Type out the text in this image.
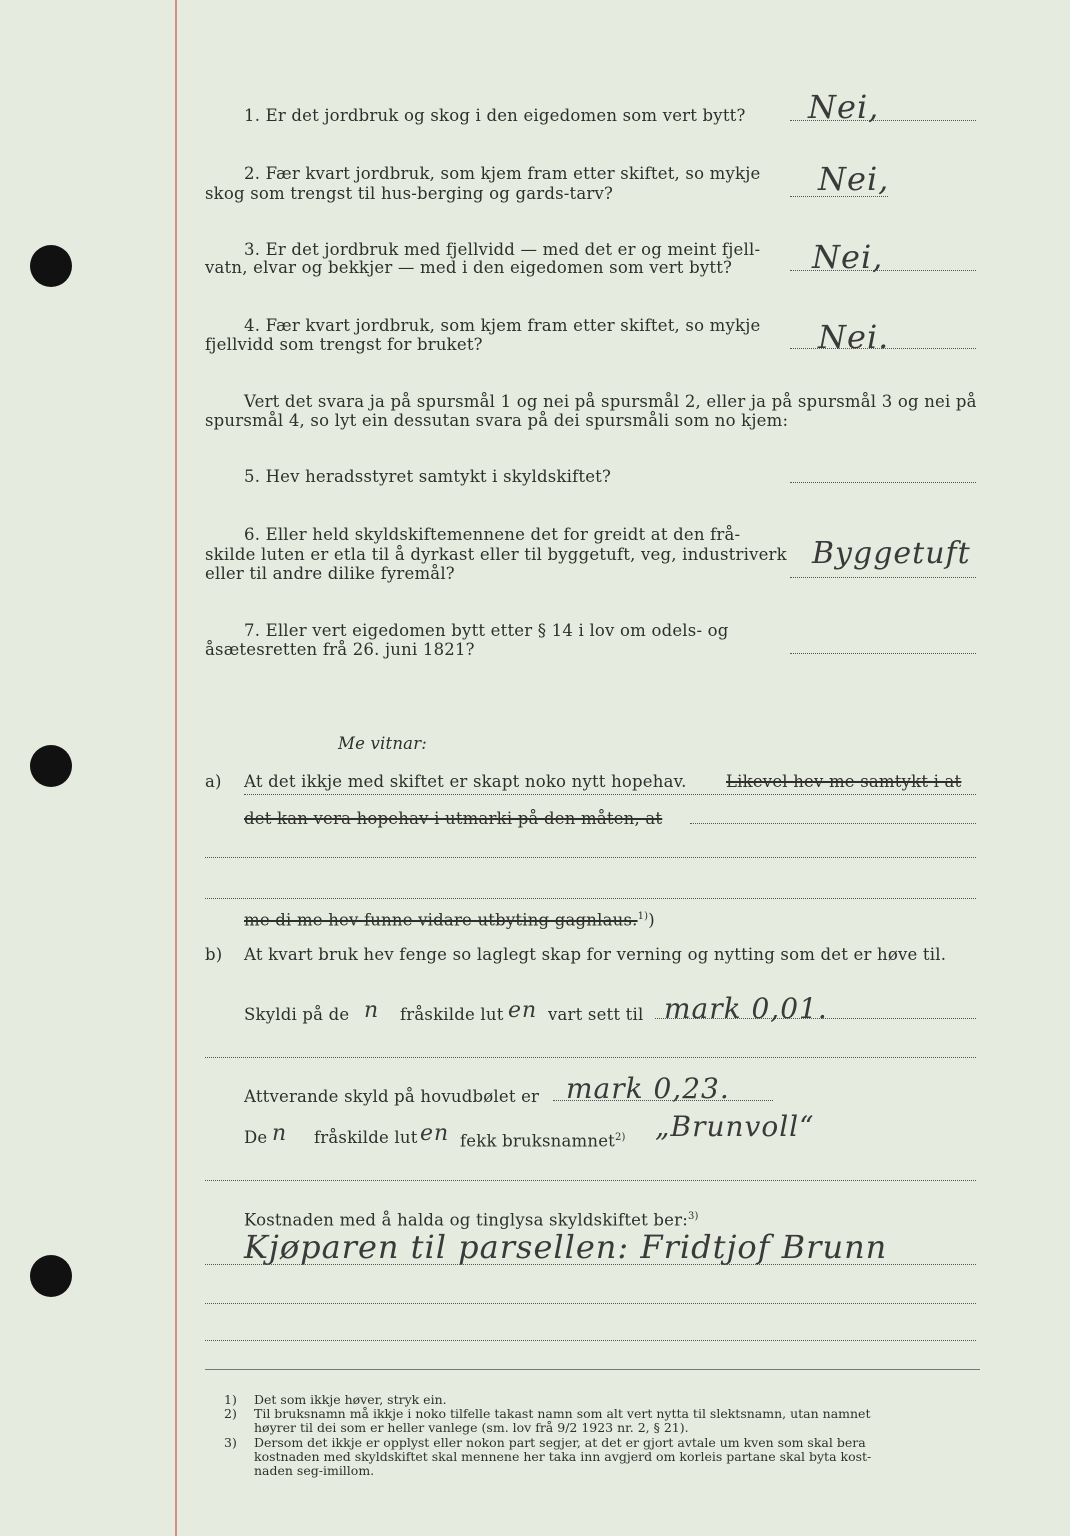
1. Er det jordbruk og skog i den eigedomen som vert bytt? Nei,
2. Fær kvart jordbruk, som kjem fram etter skiftet, so mykje
skog som trengst til hus-berging og gards-tarv?	Nei,
3. Er det jordbruk med fjellvidd — med det er og meint fjell-
vatn, elvar og bekkjer — med i den eigedomen som vert bytt? Nei,
4. Fær kvart jordbruk, som kjem fram etter skiftet, so mykje
fjellvidd som trengst for bruket?	Nei.
Vert det svara ja på spursmål 1 og nei på spursmål 2, eller ja på spursmål 3 og nei på
spursmål 4, so lyt ein dessutan svara på dei spursmåli som no kjem:
5. Hev heradsstyret samtykt i skyldskiftet?
6. Eller held skyldskiftemennene det for greidt at den frå-
skilde luten er etla til å dyrkast eller til byggetuft, veg, industriverk
eller til andre dilike fyremål?
Byggetuft
7. Eller vert eigedomen bytt etter § 14 i lov om odels- og
åsætesretten frå 26. juni 1821?
Me vitnar:
a) At det ikkje med skiftet er skapt noko nytt hopehav. Likevel hev me samtykt i at
det kan vera hopehav i utmarki på den måten, at
me di me hev funne vidare utbyting gagnlaus.$^{1)}$)
b) At kvart bruk hev fenge so laglegt skap for verning og nytting som det er høve til.
Skyldi på de n fråskilde lut en vart sett til mark 0,01.
Attverande skyld på hovudbølet er mark 0,23.
De n fråskilde lut en fekk bruksnamnet$^{2)}$ „Brunvoll“
Kostnaden med å halda og tinglysa skyldskiftet ber:$^{3)}$
Kjøparen til parsellen: Fridtjof Brunn
1) Det som ikkje høver, stryk ein.
2) Til bruksnamn må ikkje i noko tilfelle takast namn som alt vert nytta til slektsnamn, utan namnet
høyrer til dei som er heller vanlege (sm. lov frå 9/2 1923 nr. 2, § 21).
3) Dersom det ikkje er opplyst eller nokon part segjer, at det er gjort avtale um kven som skal bera
kostnaden med skyldskiftet skal mennene her taka inn avgjerd om korleis partane skal byta kost-
naden seg-imillom.
